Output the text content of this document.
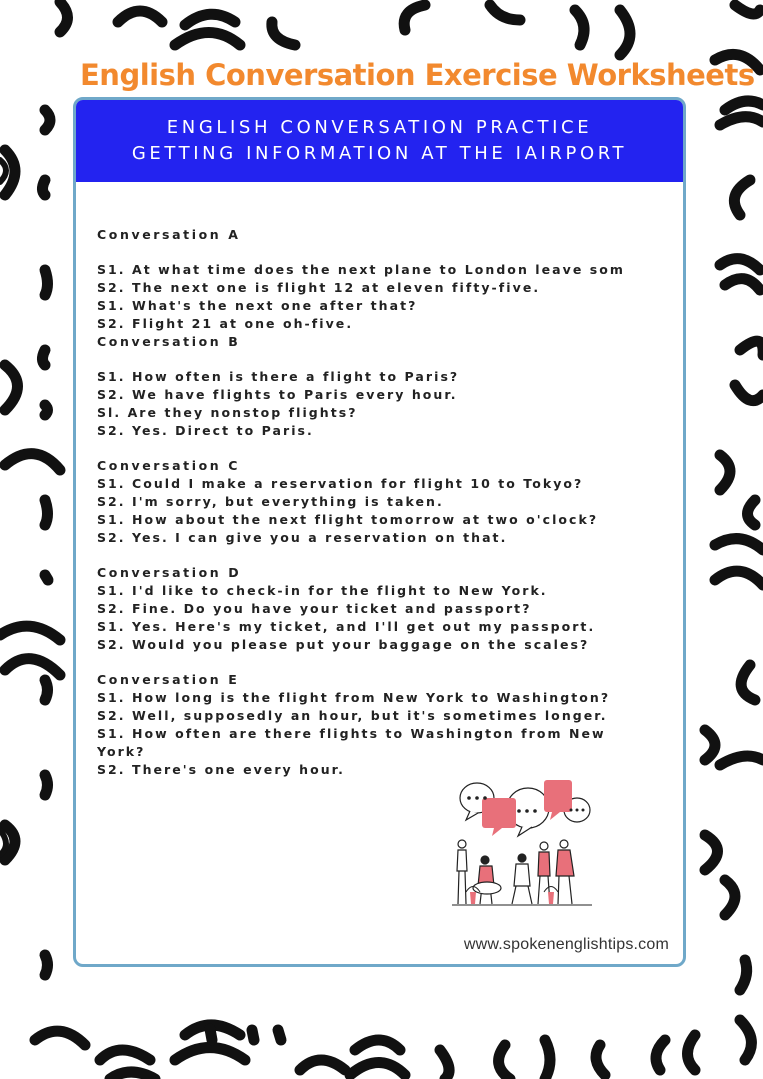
English Conversation Exercise Worksheets
ENGLISH CONVERSATION PRACTICE
GETTING INFORMATION AT THE IAIRPORT
Conversation A
S1. At what time does the next plane to London leave som
S2. The next one is flight 12 at eleven fifty-five.
S1. What's the next one after that?
S2. Flight 21 at one oh-five.
Conversation B
S1. How often is there a flight to Paris?
S2. We have flights to Paris every hour.
Sl. Are they nonstop flights?
S2. Yes. Direct to Paris.
Conversation C
S1. Could I make a reservation for flight 10 to Tokyo?
S2. I'm sorry, but everything is taken.
S1. How about the next flight tomorrow at two o'clock?
S2. Yes. I can give you a reservation on that.
Conversation D
S1. I'd like to check-in for the flight to New York.
S2. Fine. Do you have your ticket and passport?
S1. Yes. Here's my ticket, and I'll get out my passport.
S2. Would you please put your baggage on the scales?
Conversation E
S1. How long is the flight from New York to Washington?
S2. Well, supposedly an hour, but it's sometimes longer.
S1. How often are there flights to Washington from New
York?
S2. There's one every hour.
www.spokenenglishtips.com
